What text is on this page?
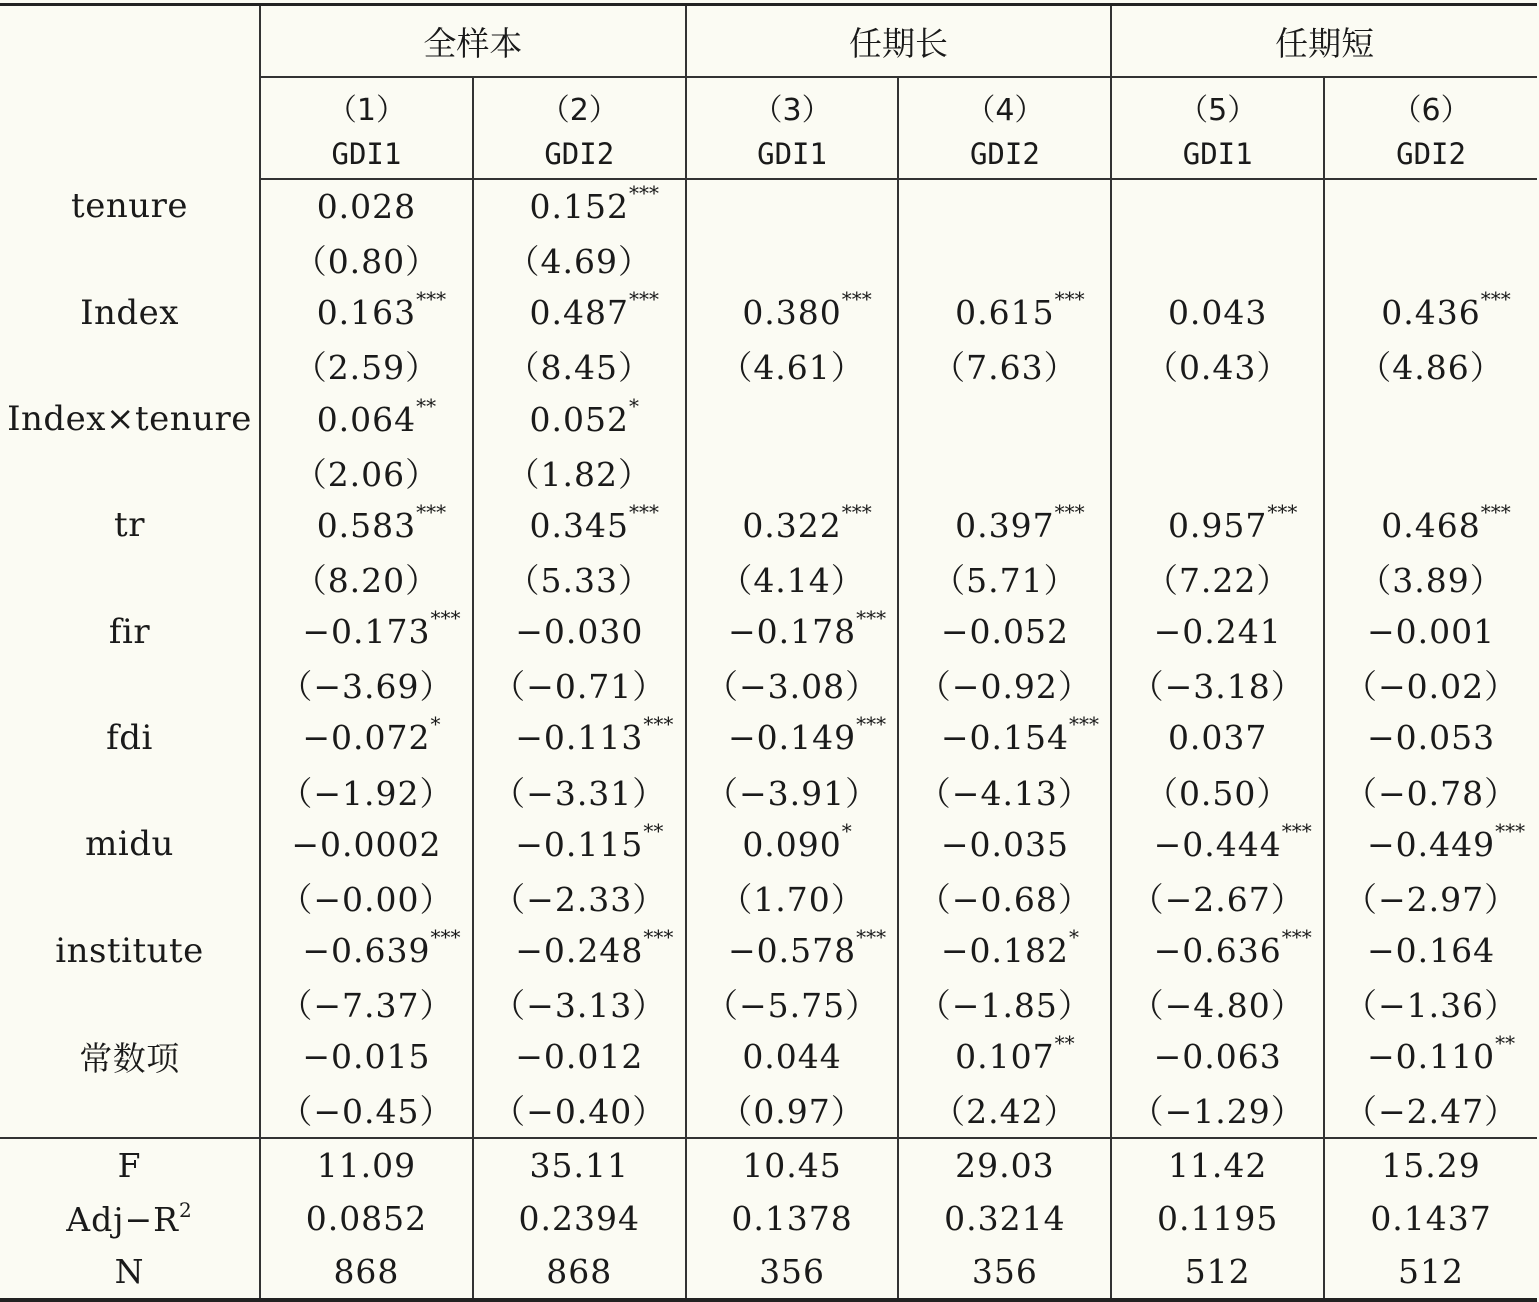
	全样本		任期长		任期短	
	（1）	（2）	（3）	（4）	（5）	（6）
	GDI1	GDI2	GDI1	GDI2	GDI1	GDI2
tenure	0.028	0.152 ***				

	（0.80）	（4.69）				
Index	0.163 ***	0.487 ***	0.380 ***	0.615 ***	0.043	0.436 ***

	（2.59）	（8.45）	（4.61）	（7.63）	（0.43）	（4.86）
Index×tenure	0.064 **	0.052 *				

	（2.06）	（1.82）				
tr	0.583 ***	0.345 ***	0.322 ***	0.397 ***	0.957 ***	0.468 ***

	（8.20）	（5.33）	（4.14）	（5.71）	（7.22）	（3.89）
fir	−0.173 ***	−0.030	−0.178 ***	−0.052	−0.241	−0.001
	（−3.69）	（−0.71）	（−3.08）	（−0.92）	（−3.18）	（−0.02）
fdi	−0.072 *	−0.113 ***	−0.149 ***	−0.154 ***	0.037	−0.053
	（−1.92）	（−3.31）	（−3.91）	（−4.13）	（0.50）	（−0.78）
midu	−0.0002	−0.115 **	0.090 *	−0.035	−0.444 ***	−0.449 ***

	（−0.00）	（−2.33）	（1.70）	（−0.68）	（−2.67）	（−2.97）
institute	−0.639 ***	−0.248 ***	−0.578 ***	−0.182 *	−0.636 ***	−0.164
	（−7.37）	（−3.13）	（−5.75）	（−1.85）	（−4.80）	（−1.36）
常数项	−0.015	−0.012	0.044	0.107 **	−0.063	−0.110 **

	（−0.45）	（−0.40）	（0.97）	（2.42）	（−1.29）	（−2.47）
F	11.09	35.11	10.45	29.03	11.42	15.29
$Adj-R^2$	0.0852	0.2394	0.1378	0.3214	0.1195	0.1437
N	868	868	356	356	512	512
